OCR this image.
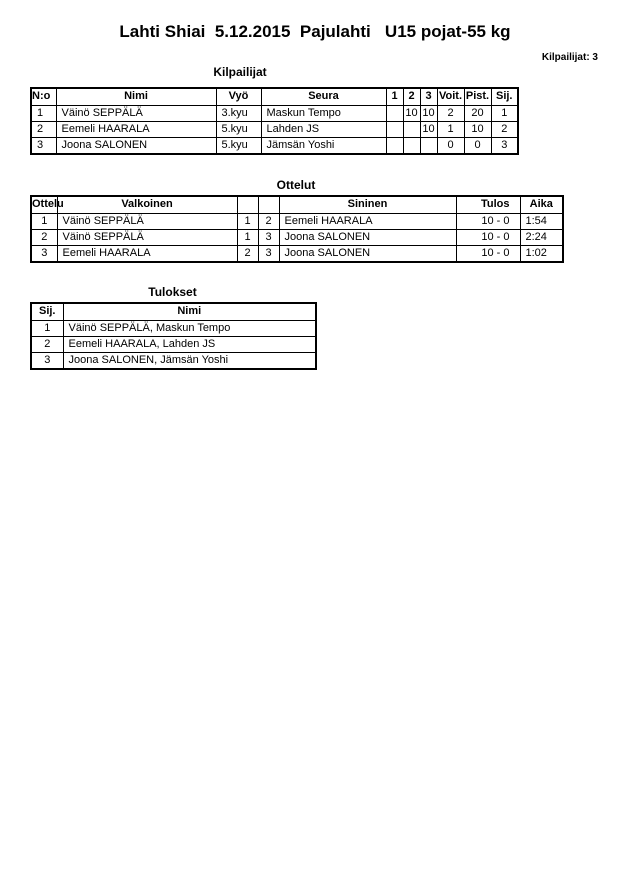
Lahti Shiai  5.12.2015  Pajulahti   U15 pojat-55 kg
Kilpailijat: 3
Kilpailijat
N:o	Nimi	Vyö	Seura	1	2	3	Voit.	Pist.	Sij.
1	Väinö SEPPÄLÄ	3.kyu	Maskun Tempo		10	10	2	20	1
2	Eemeli HAARALA	5.kyu	Lahden JS			10	1	10	2
3	Joona SALONEN	5.kyu	Jämsän Yoshi				0	0	3
Ottelut
Ottelu	Valkoinen			Sininen	Tulos	Aika
1	Väinö SEPPÄLÄ	1	2	Eemeli HAARALA	10 - 0	1:54
2	Väinö SEPPÄLÄ	1	3	Joona SALONEN	10 - 0	2:24
3	Eemeli HAARALA	2	3	Joona SALONEN	10 - 0	1:02
Tulokset
Sij.	Nimi
1	Väinö SEPPÄLÄ, Maskun Tempo
2	Eemeli HAARALA, Lahden JS
3	Joona SALONEN, Jämsän Yoshi
